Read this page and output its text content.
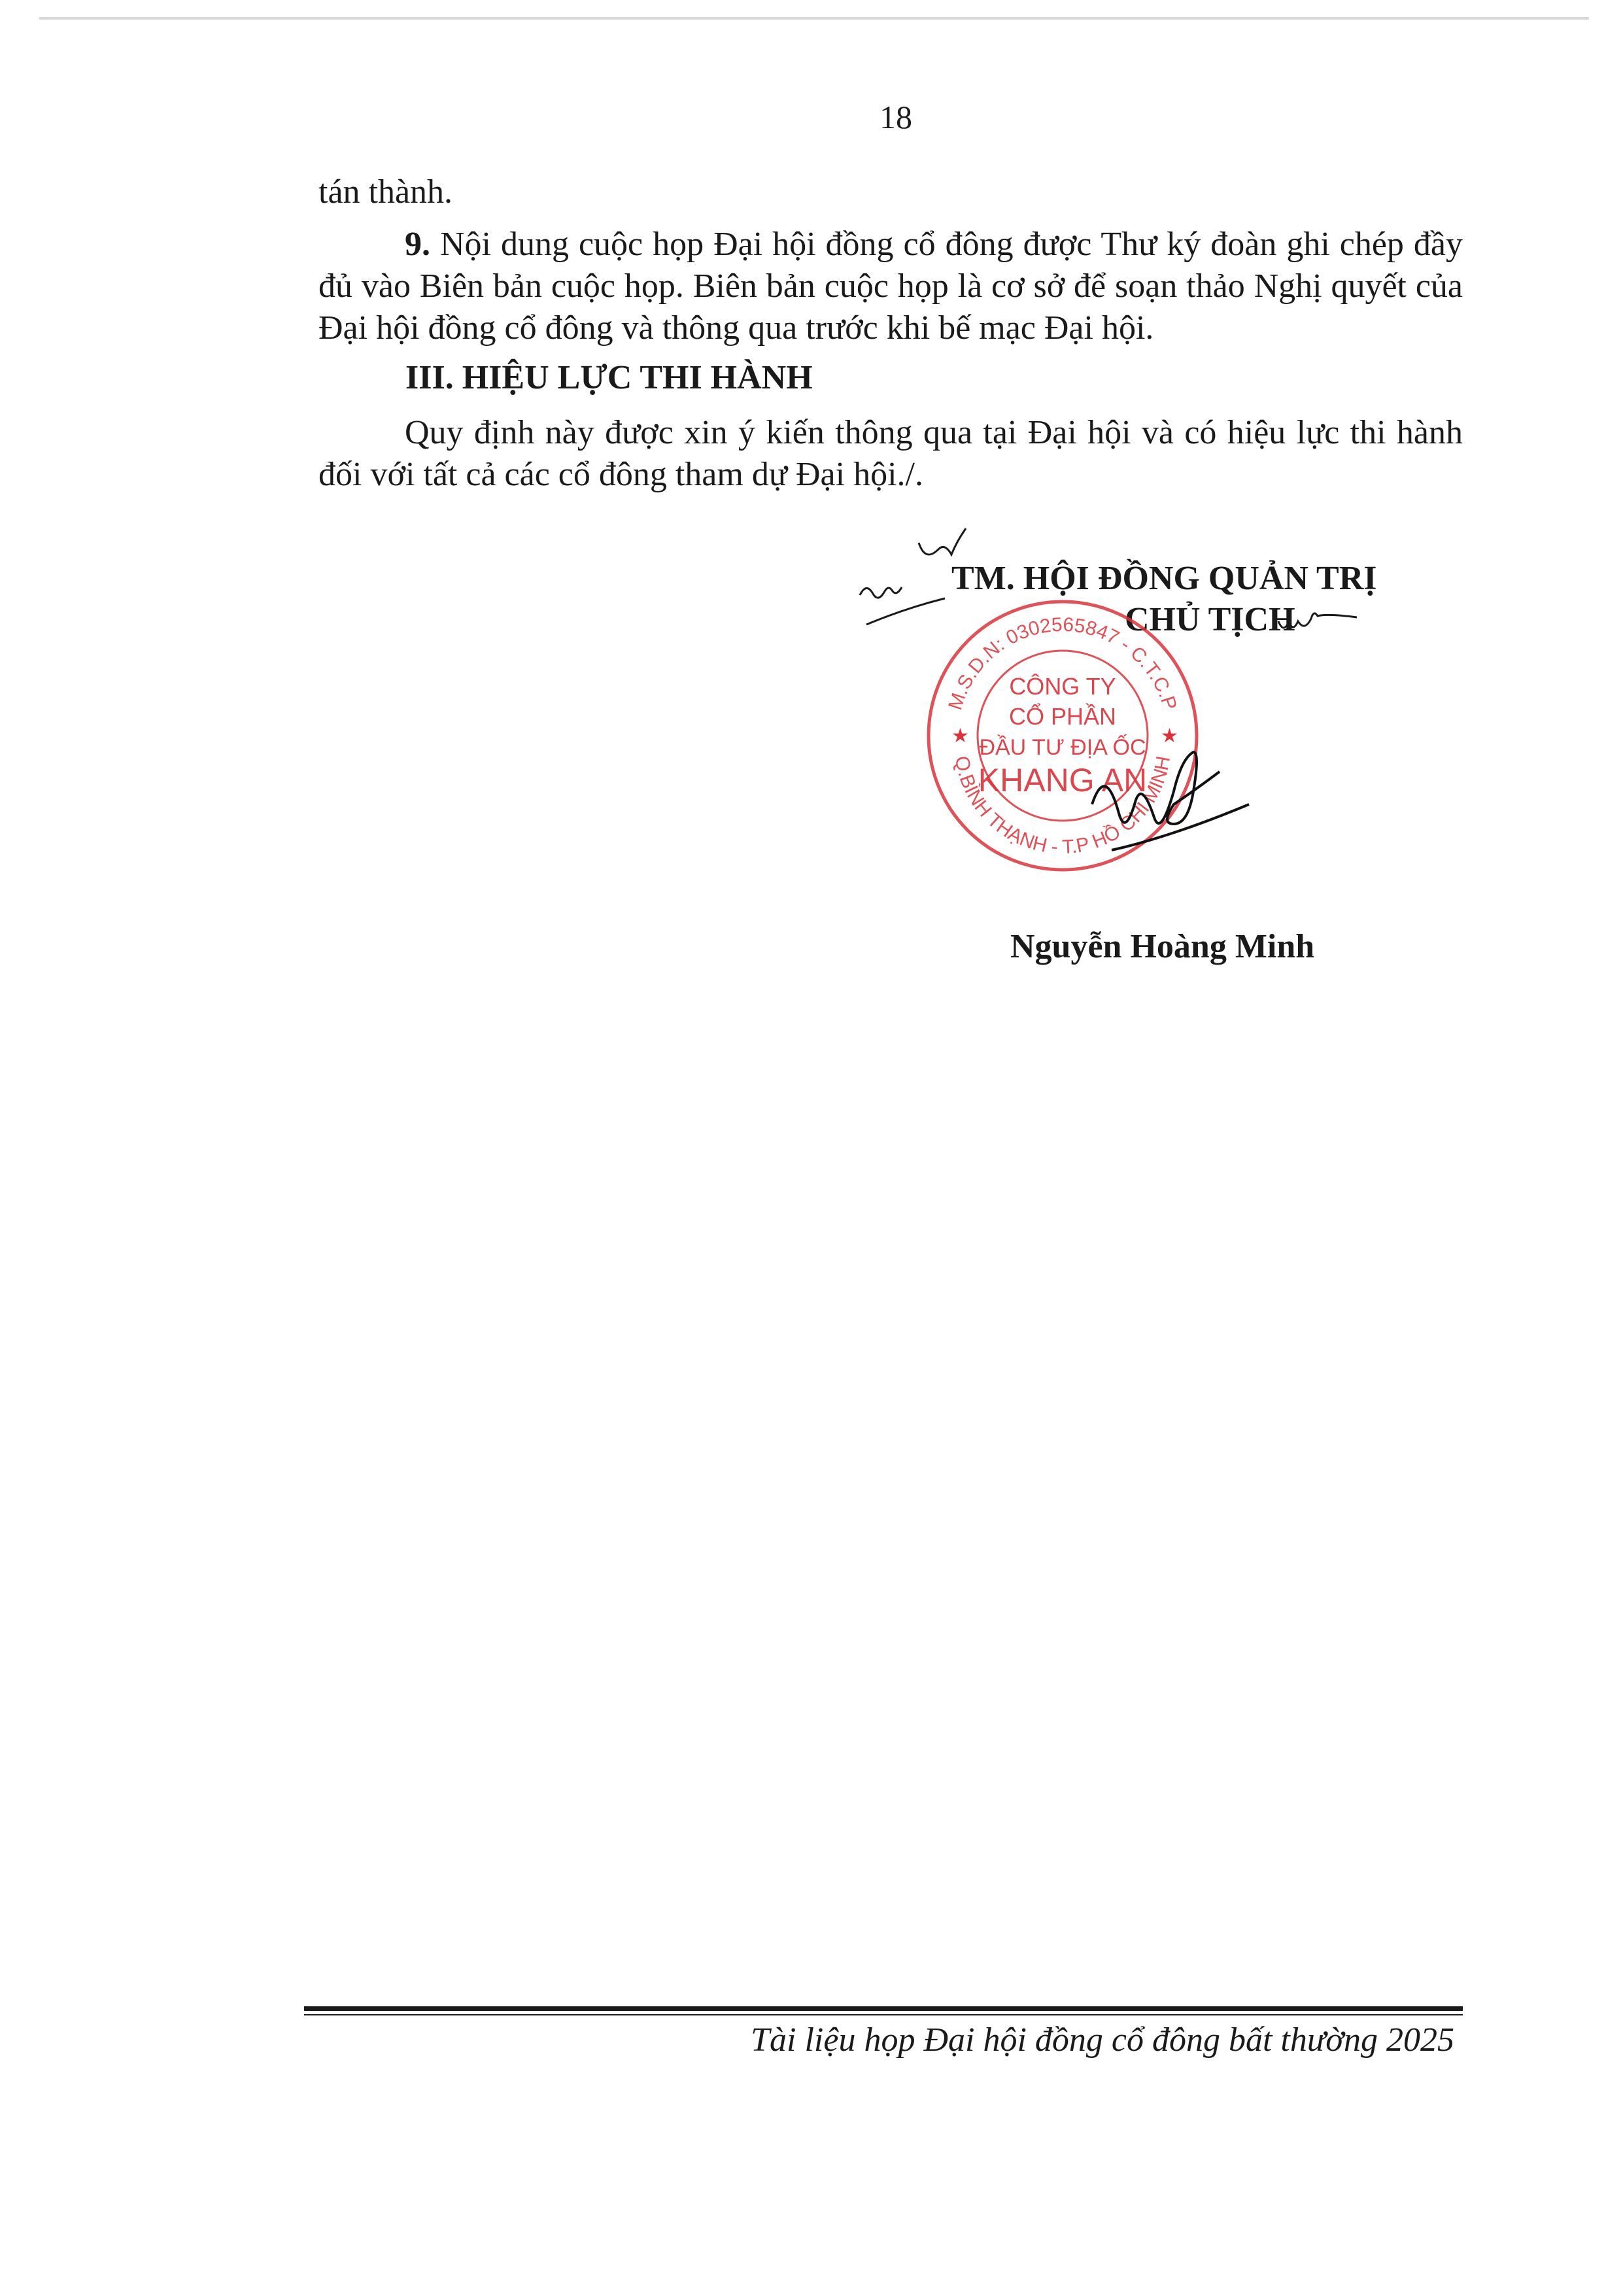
18

tán thành.

9. Nội dung cuộc họp Đại hội đồng cổ đông được Thư ký đoàn ghi chép đầy đủ vào Biên bản cuộc họp. Biên bản cuộc họp là cơ sở để soạn thảo Nghị quyết của Đại hội đồng cổ đông và thông qua trước khi bế mạc Đại hội.

III. HIỆU LỰC THI HÀNH

Quy định này được xin ý kiến thông qua tại Đại hội và có hiệu lực thi hành đối với tất cả các cổ đông tham dự Đại hội./.

TM. HỘI ĐỒNG QUẢN TRỊ
CHỦ TỊCH
M.S.D.N: 0302565847 - C.T.C.P
Q.BÌNH THẠNH - T.P HỒ CHÍ MINH
★	★
CÔNG TY
CỔ PHẦN
ĐẦU TƯ ĐỊA ỐC
KHANG AN
Nguyễn Hoàng Minh
Tài liệu họp Đại hội đồng cổ đông bất thường 2025
